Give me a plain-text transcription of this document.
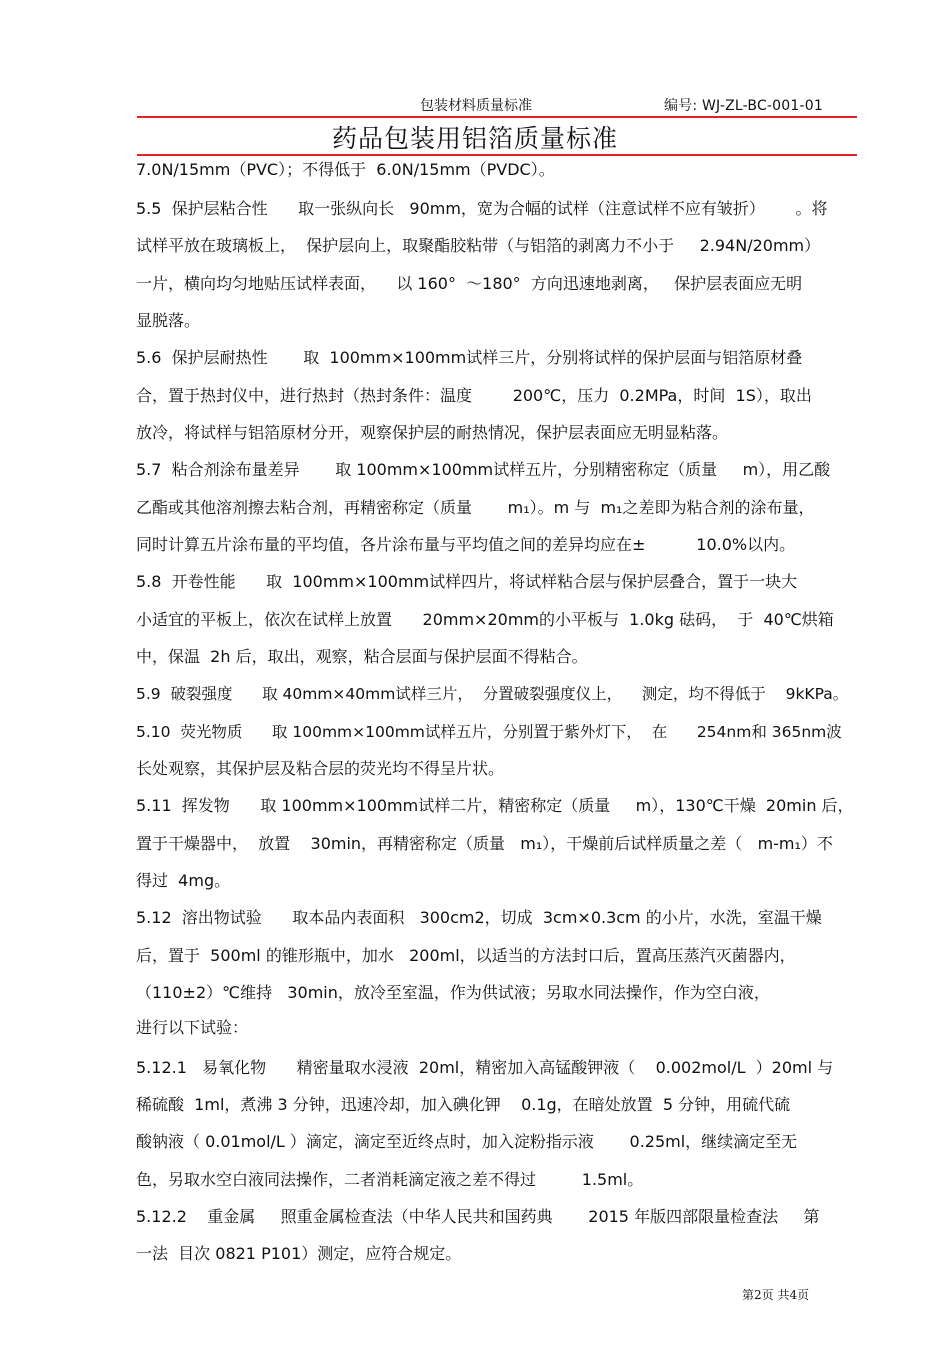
包装材料质量标准	编号: WJ-ZL-BC-001-01
药品包装用铝箔质量标准
7.0N/15mm（PVC）；不得低于  6.0N/15mm（PVDC）。
5.5  保护层粘合性      取一张纵向长   90mm，宽为合幅的试样（注意试样不应有皱折）      。将
试样平放在玻璃板上，  保护层向上，取聚酯胶粘带（与铝箔的剥离力不小于     2.94N/20mm）
一片，横向均匀地贴压试样表面，    以 160°  ～180°  方向迅速地剥离，   保护层表面应无明
显脱落。
5.6  保护层耐热性       取  100mm×100mm试样三片，分别将试样的保护层面与铝箔原材叠
合，置于热封仪中，进行热封（热封条件：温度        200℃，压力  0.2MPa，时间  1S），取出
放冷，将试样与铝箔原材分开，观察保护层的耐热情况，保护层表面应无明显粘落。
5.7  粘合剂涂布量差异       取 100mm×100mm试样五片，分别精密称定（质量     m），用乙酸
乙酯或其他溶剂擦去粘合剂，再精密称定（质量       m₁）。m 与  m₁之差即为粘合剂的涂布量，
同时计算五片涂布量的平均值，各片涂布量与平均值之间的差异均应在±          10.0%以内。
5.8  开卷性能      取  100mm×100mm试样四片，将试样粘合层与保护层叠合，置于一块大
小适宜的平板上，依次在试样上放置      20mm×20mm的小平板与  1.0kg 砝码，  于  40℃烘箱
中，保温  2h 后，取出，观察，粘合层面与保护层面不得粘合。
5.9  破裂强度      取 40mm×40mm试样三片，  分置破裂强度仪上，    测定，均不得低于    9kKPa。
5.10  荧光物质      取 100mm×100mm试样五片，分别置于紫外灯下，  在      254nm和 365nm波
长处观察，其保护层及粘合层的荧光均不得呈片状。
5.11  挥发物      取 100mm×100mm试样二片，精密称定（质量     m），130℃干燥  20min 后，
置于干燥器中，  放置    30min，再精密称定（质量   m₁），干燥前后试样质量之差（   m-m₁）不
得过  4mg。
5.12  溶出物试验      取本品内表面积   300cm2，切成  3cm×0.3cm 的小片，水洗，室温干燥
后，置于  500ml 的锥形瓶中，加水   200ml，以适当的方法封口后，置高压蒸汽灭菌器内，
（110±2）℃维持   30min，放冷至室温，作为供试液；另取水同法操作，作为空白液，
进行以下试验：
5.12.1   易氧化物      精密量取水浸液  20ml，精密加入高锰酸钾液（    0.002mol/L  ）20ml 与
稀硫酸  1ml，煮沸 3 分钟，迅速冷却，加入碘化钾    0.1g，在暗处放置  5 分钟，用硫代硫
酸钠液（ 0.01mol/L ）滴定，滴定至近终点时，加入淀粉指示液       0.25ml，继续滴定至无
色，另取水空白液同法操作，二者消耗滴定液之差不得过         1.5ml。
5.12.2    重金属     照重金属检查法（中华人民共和国药典       2015 年版四部限量检查法     第
一法  目次 0821 P101）测定，应符合规定。
第2页 共4页
